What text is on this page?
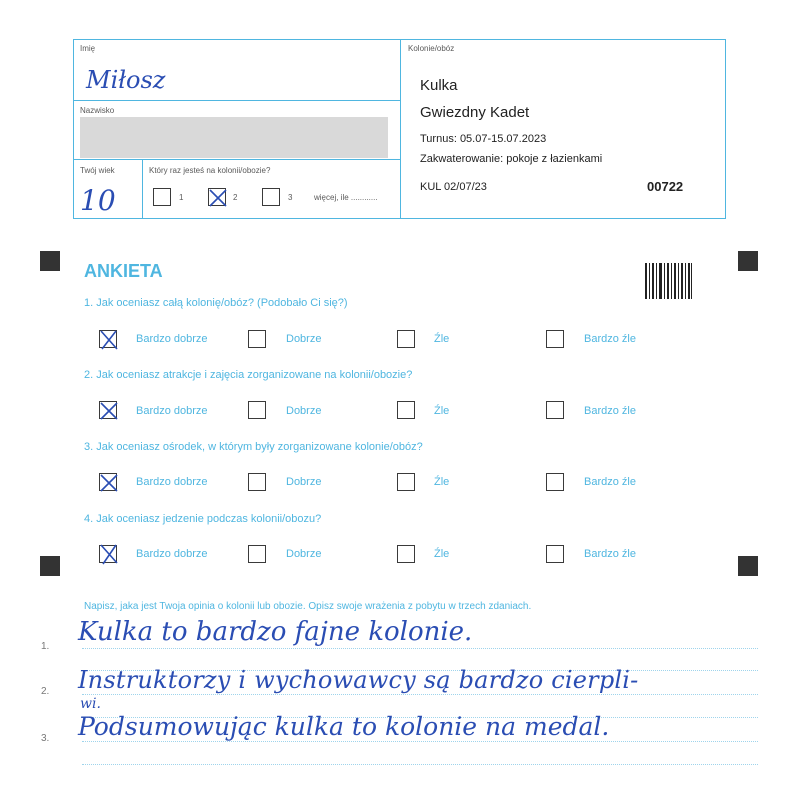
Imię
Miłosz
Nazwisko
Twój wiek
10
Który raz jesteś na kolonii/obozie?
1	2	3	więcej, ile ............
Kolonie/obóz
Kulka
Gwiezdny Kadet
Turnus: 05.07-15.07.2023
Zakwaterowanie: pokoje z łazienkami
KUL 02/07/23	00722
ANKIETA
1. Jak oceniasz całą kolonię/obóz? (Podobało Ci się?)
Bardzo dobrze	Dobrze	Źle	Bardzo źle
2. Jak oceniasz atrakcje i zajęcia zorganizowane na kolonii/obozie?
Bardzo dobrze	Dobrze	Źle	Bardzo źle
3. Jak oceniasz ośrodek, w którym były zorganizowane kolonie/obóz?
Bardzo dobrze	Dobrze	Źle	Bardzo źle
4. Jak oceniasz jedzenie podczas kolonii/obozu?
Bardzo dobrze	Dobrze	Źle	Bardzo źle
Napisz, jaka jest Twoja opinia o kolonii lub obozie. Opisz swoje wrażenia z pobytu w trzech zdaniach.
1.
2.
3.
Kulka to bardzo fajne kolonie.
Instruktorzy i wychowawcy są bardzo cierpli-
wi.
Podsumowując kulka to kolonie na medal.
